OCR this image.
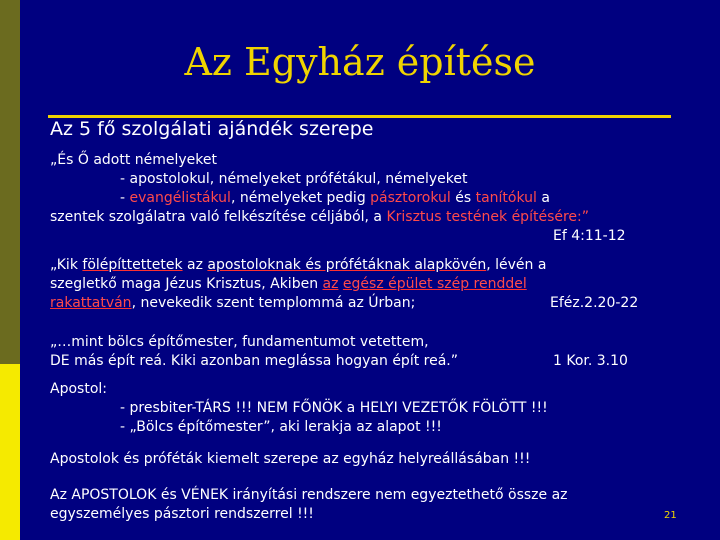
Az Egyház építése
Az 5 fő szolgálati ajándék szerepe
„És Ő adott némelyeket
- apostolokul, némelyeket prófétákul, némelyeket
- evangélistákul, némelyeket pedig pásztorokul és tanítókul a
szentek szolgálatra való felkészítése céljából, a Krisztus testének építésére:”
Ef 4:11-12
„Kik fölépíttettetek az apostoloknak és prófétáknak alapkövén, lévén a
szegletkő maga Jézus Krisztus, Akiben az egész épület szép renddel
rakattatván, nevekedik szent templommá az Úrban;	Eféz.2.20-22
„…mint bölcs építőmester, fundamentumot vetettem,
DE más épít reá. Kiki azonban meglássa hogyan épít reá.”	1 Kor. 3.10
Apostol:
- presbiter-TÁRS !!! NEM FŐNÖK a HELYI VEZETŐK FÖLÖTT !!!
- „Bölcs építőmester”, aki lerakja az alapot !!!
Apostolok és próféták kiemelt szerepe az egyház helyreállásában !!!
Az APOSTOLOK és VÉNEK irányítási rendszere nem egyeztethető össze az
egyszemélyes pásztori rendszerrel !!!	21
